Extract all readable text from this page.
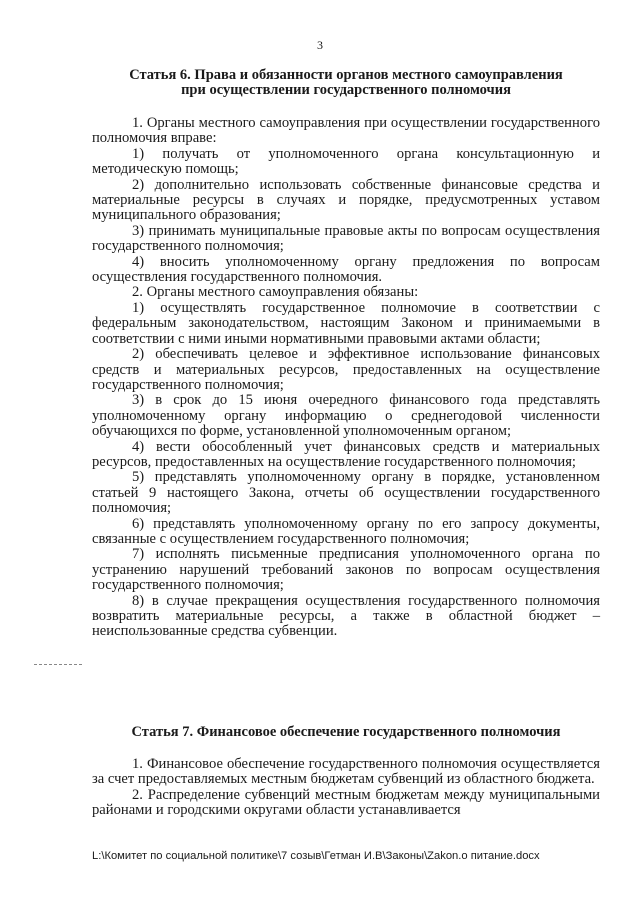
3
Статья 6. Права и обязанности органов местного самоуправления
при осуществлении государственного полномочия

1. Органы местного самоуправления при осуществлении государственного полномочия вправе:

1) получать от уполномоченного органа консультационную и методическую помощь;

2) дополнительно использовать собственные финансовые средства и материальные ресурсы в случаях и порядке, предусмотренных уставом муниципального образования;

3) принимать муниципальные правовые акты по вопросам осуществления государственного полномочия;

4) вносить уполномоченному органу предложения по вопросам осуществления государственного полномочия.

2. Органы местного самоуправления обязаны:

1) осуществлять государственное полномочие в соответствии с федеральным законодательством, настоящим Законом и принимаемыми в соответствии с ними иными нормативными правовыми актами области;

2) обеспечивать целевое и эффективное использование финансовых средств и материальных ресурсов, предоставленных на осуществление государственного полномочия;

3) в срок до 15 июня очередного финансового года представлять уполномоченному органу информацию о среднегодовой численности обучающихся по форме, установленной уполномоченным органом;

4) вести обособленный учет финансовых средств и материальных ресурсов, предоставленных на осуществление государственного полномочия;

5) представлять уполномоченному органу в порядке, установленном статьей 9 настоящего Закона, отчеты об осуществлении государственного полномочия;

6) представлять уполномоченному органу по его запросу документы, связанные с осуществлением государственного полномочия;

7) исполнять письменные предписания уполномоченного органа по устранению нарушений требований законов по вопросам осуществления государственного полномочия;

8) в случае прекращения осуществления государственного полномочия возвратить материальные ресурсы, а также в областной бюджет – неиспользованные средства субвенции.

Статья 7. Финансовое обеспечение государственного полномочия

1. Финансовое обеспечение государственного полномочия осуществляется за счет предоставляемых местным бюджетам субвенций из областного бюджета.

2. Распределение субвенций местным бюджетам между муниципальными районами и городскими округами области устанавливается

L:\Комитет по социальной политике\7 созыв\Гетман И.В\Законы\Zakon.o питание.docx
